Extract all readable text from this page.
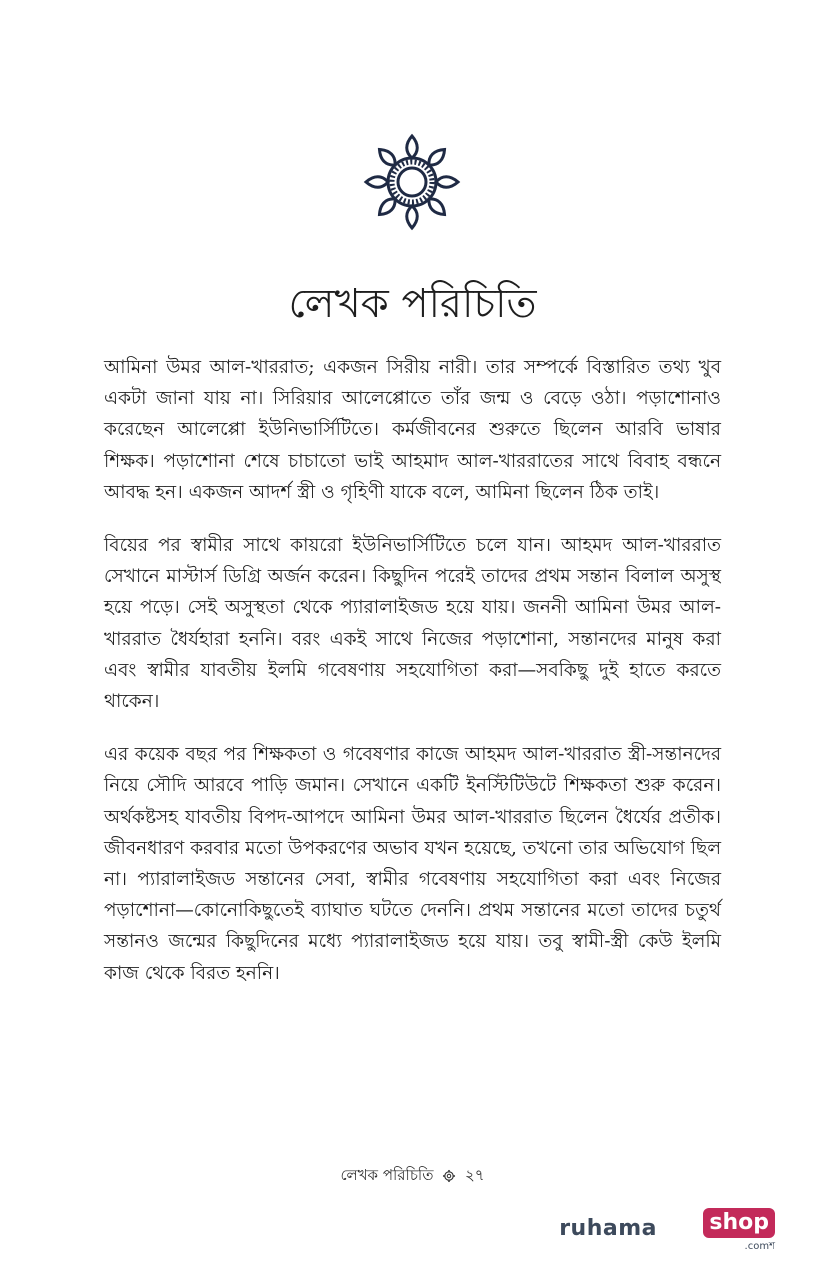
লেখক পরিচিতি

আমিনা উমর আল-খাররাত; একজন সিরীয় নারী। তার সম্পর্কে বিস্তারিত তথ্য খুব একটা জানা যায় না। সিরিয়ার আলেপ্পোতে তাঁর জন্ম ও বেড়ে ওঠা। পড়াশোনাও করেছেন আলেপ্পো ইউনিভার্সিটিতে। কর্মজীবনের শুরুতে ছিলেন আরবি ভাষার শিক্ষক। পড়াশোনা শেষে চাচাতো ভাই আহমাদ আল-খাররাতের সাথে বিবাহ বন্ধনে আবদ্ধ হন। একজন আদর্শ স্ত্রী ও গৃহিণী যাকে বলে, আমিনা ছিলেন ঠিক তাই।

বিয়ের পর স্বামীর সাথে কায়রো ইউনিভার্সিটিতে চলে যান। আহমদ আল-খাররাত সেখানে মাস্টার্স ডিগ্রি অর্জন করেন। কিছুদিন পরেই তাদের প্রথম সন্তান বিলাল অসুস্থ হয়ে পড়ে। সেই অসুস্থতা থেকে প্যারালাইজড হয়ে যায়। জননী আমিনা উমর আল-খাররাত ধৈর্যহারা হননি। বরং একই সাথে নিজের পড়াশোনা, সন্তানদের মানুষ করা এবং স্বামীর যাবতীয় ইলমি গবেষণায় সহযোগিতা করা—সবকিছু দুই হাতে করতে থাকেন।

এর কয়েক বছর পর শিক্ষকতা ও গবেষণার কাজে আহমদ আল-খাররাত স্ত্রী-সন্তানদের নিয়ে সৌদি আরবে পাড়ি জমান। সেখানে একটি ইনস্টিটিউটে শিক্ষকতা শুরু করেন। অর্থকষ্টসহ যাবতীয় বিপদ-আপদে আমিনা উমর আল-খাররাত ছিলেন ধৈর্যের প্রতীক। জীবনধারণ করবার মতো উপকরণের অভাব যখন হয়েছে, তখনো তার অভিযোগ ছিল না। প্যারালাইজড সন্তানের সেবা, স্বামীর গবেষণায় সহযোগিতা করা এবং নিজের পড়াশোনা—কোনোকিছুতেই ব্যাঘাত ঘটতে দেননি। প্রথম সন্তানের মতো তাদের চতুর্থ সন্তানও জন্মের কিছুদিনের মধ্যে প্যারালাইজড হয়ে যায়। তবু স্বামী-স্ত্রী কেউ ইলমি কাজ থেকে বিরত হননি।

লেখক পরিচিতি ২৭
ruhama shop
.comশ
